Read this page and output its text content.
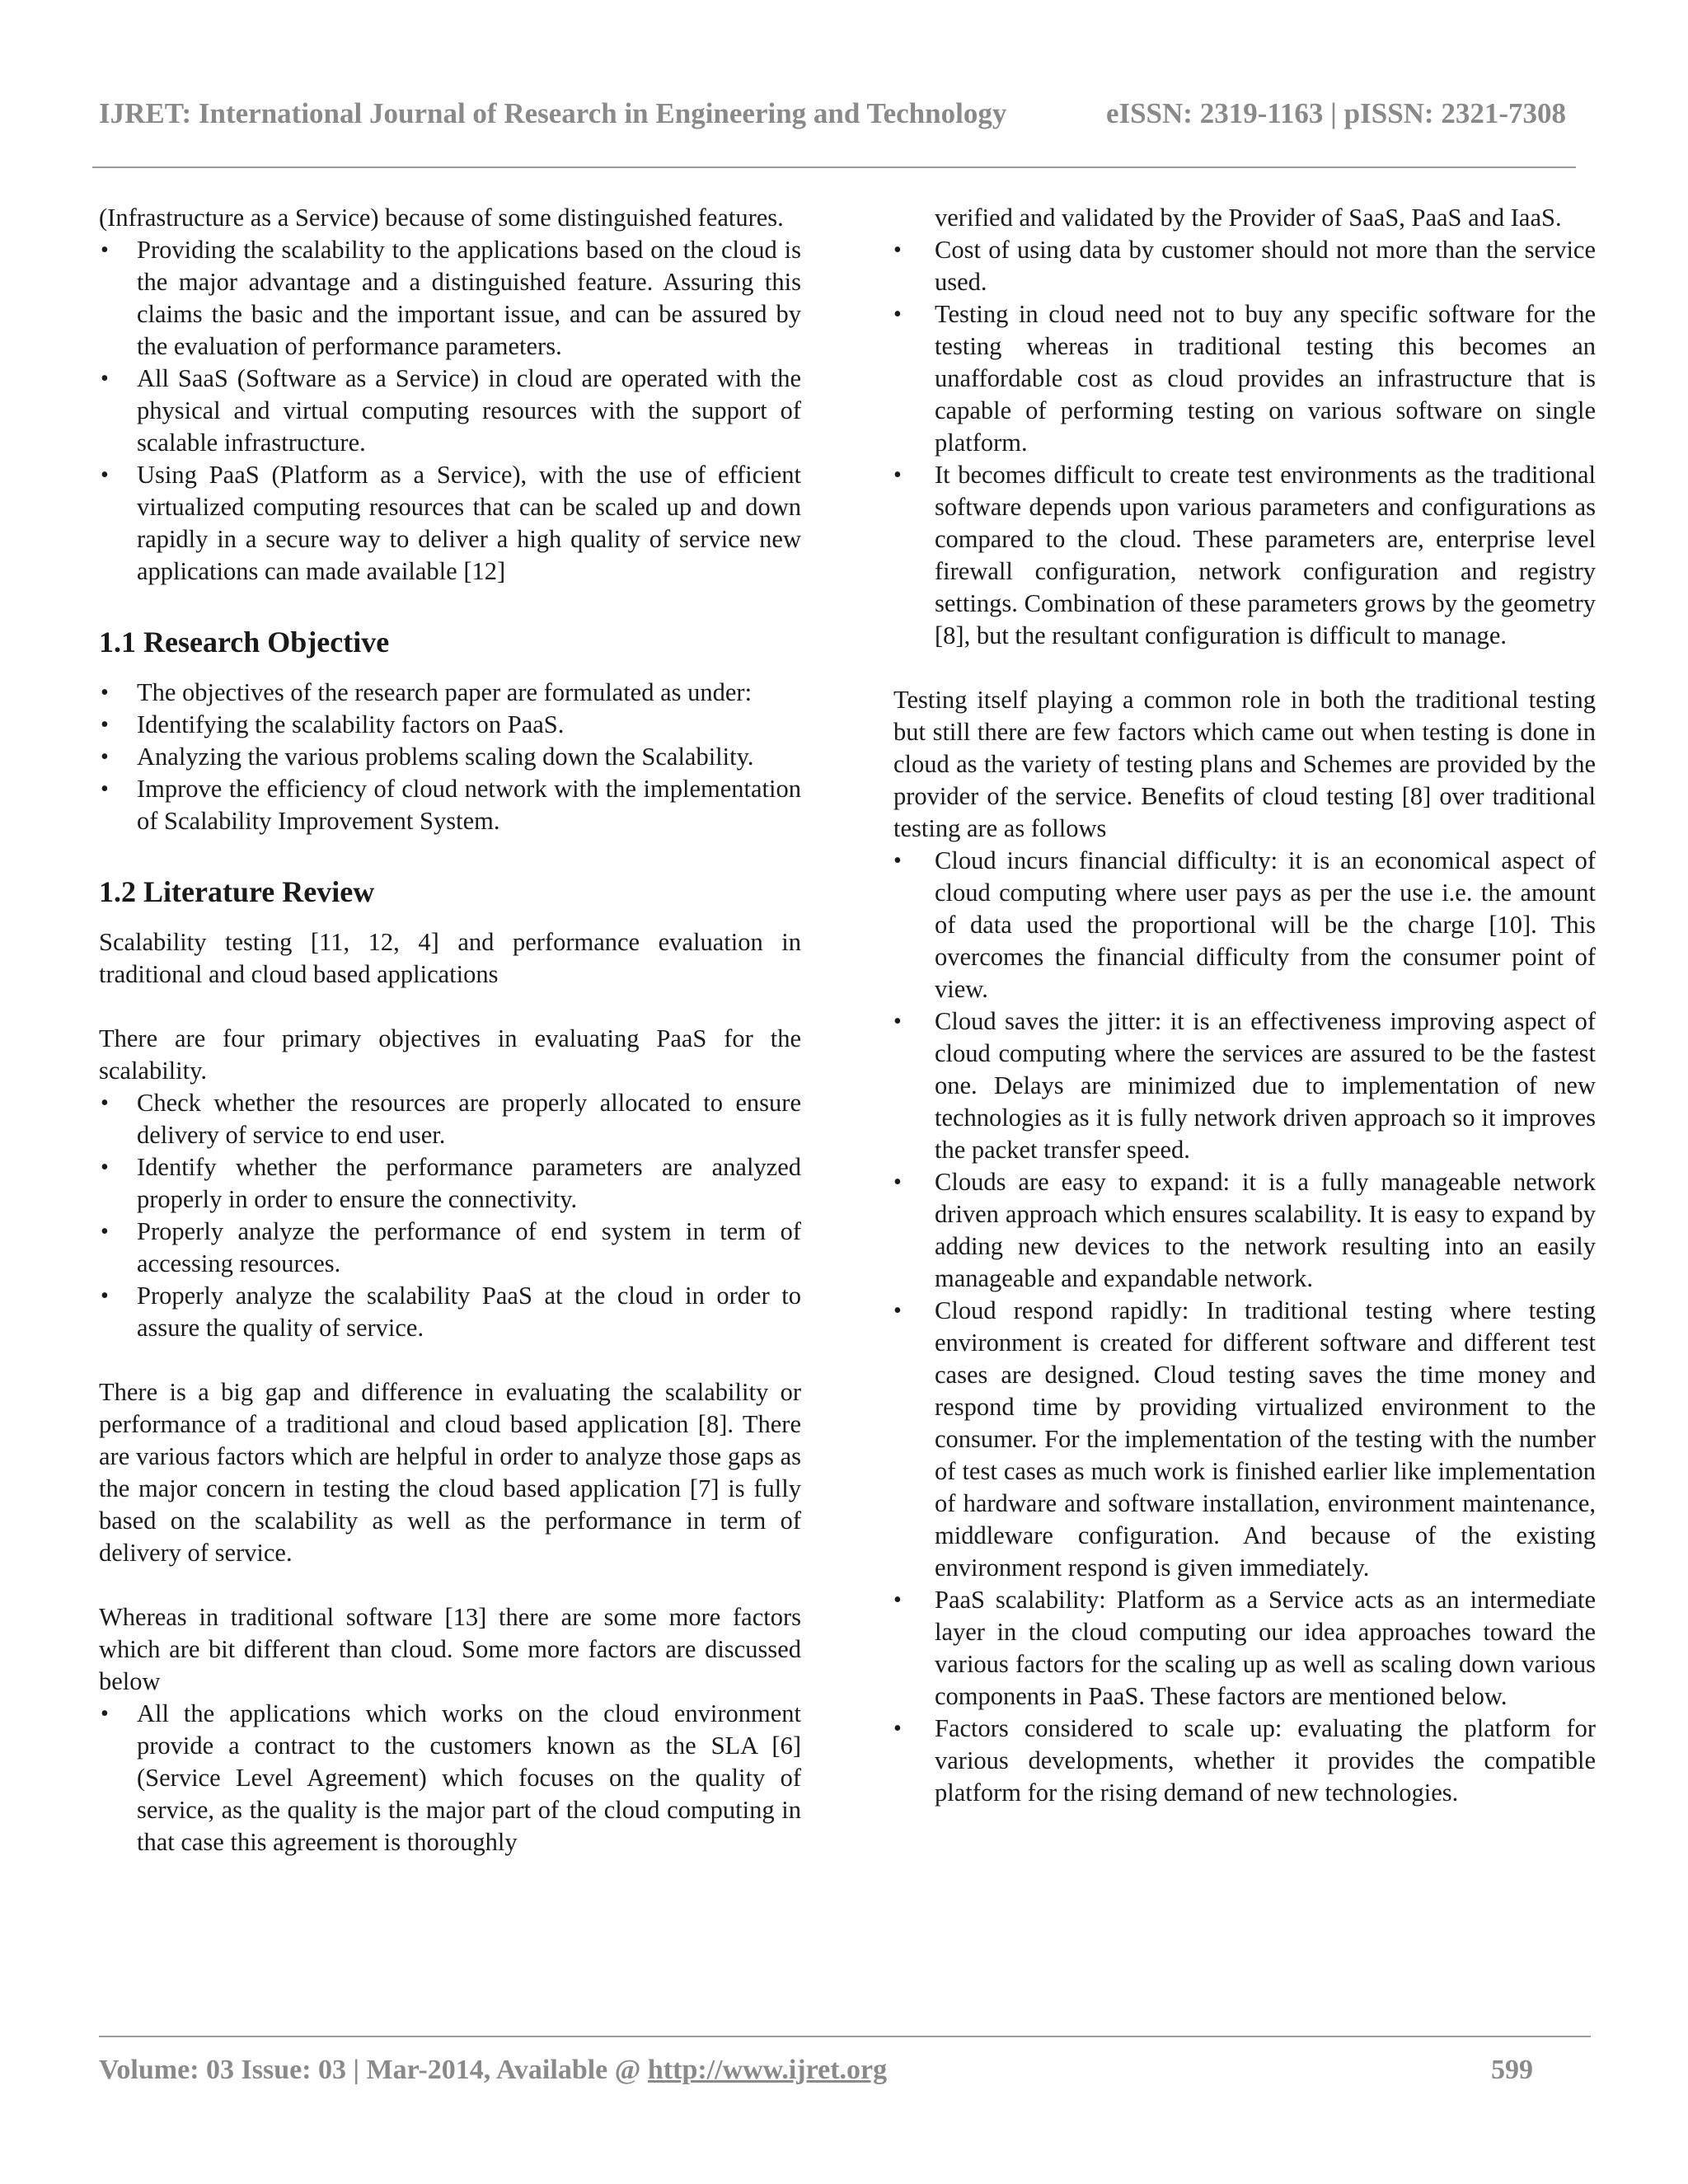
IJRET: International Journal of Research in Engineering and Technology	eISSN: 2319-1163 | pISSN: 2321-7308

(Infrastructure as a Service) because of some distinguished features.

• Providing the scalability to the applications based on the cloud is the major advantage and a distinguished feature. Assuring this claims the basic and the important issue, and can be assured by the evaluation of performance parameters.
• All SaaS (Software as a Service) in cloud are operated with the physical and virtual computing resources with the support of scalable infrastructure.
• Using PaaS (Platform as a Service), with the use of efficient virtualized computing resources that can be scaled up and down rapidly in a secure way to deliver a high quality of service new applications can made available [12]
1.1 Research Objective
• The objectives of the research paper are formulated as under:
• Identifying the scalability factors on PaaS.
• Analyzing the various problems scaling down the Scalability.
• Improve the efficiency of cloud network with the implementation of Scalability Improvement System.
1.2 Literature Review

Scalability testing [11, 12, 4] and performance evaluation in traditional and cloud based applications

There are four primary objectives in evaluating PaaS for the scalability.

• Check whether the resources are properly allocated to ensure delivery of service to end user.
• Identify whether the performance parameters are analyzed properly in order to ensure the connectivity.
• Properly analyze the performance of end system in term of accessing resources.
• Properly analyze the scalability PaaS at the cloud in order to assure the quality of service.

There is a big gap and difference in evaluating the scalability or performance of a traditional and cloud based application [8]. There are various factors which are helpful in order to analyze those gaps as the major concern in testing the cloud based application [7] is fully based on the scalability as well as the performance in term of delivery of service.

Whereas in traditional software [13] there are some more factors which are bit different than cloud. Some more factors are discussed below

• All the applications which works on the cloud environment provide a contract to the customers known as the SLA [6] (Service Level Agreement) which focuses on the quality of service, as the quality is the major part of the cloud computing in that case this agreement is thoroughly

verified and validated by the Provider of SaaS, PaaS and IaaS.

• Cost of using data by customer should not more than the service used.
• Testing in cloud need not to buy any specific software for the testing whereas in traditional testing this becomes an unaffordable cost as cloud provides an infrastructure that is capable of performing testing on various software on single platform.
• It becomes difficult to create test environments as the traditional software depends upon various parameters and configurations as compared to the cloud. These parameters are, enterprise level firewall configuration, network configuration and registry settings. Combination of these parameters grows by the geometry [8], but the resultant configuration is difficult to manage.

Testing itself playing a common role in both the traditional testing but still there are few factors which came out when testing is done in cloud as the variety of testing plans and Schemes are provided by the provider of the service. Benefits of cloud testing [8] over traditional testing are as follows

• Cloud incurs financial difficulty: it is an economical aspect of cloud computing where user pays as per the use i.e. the amount of data used the proportional will be the charge [10]. This overcomes the financial difficulty from the consumer point of view.
• Cloud saves the jitter: it is an effectiveness improving aspect of cloud computing where the services are assured to be the fastest one. Delays are minimized due to implementation of new technologies as it is fully network driven approach so it improves the packet transfer speed.
• Clouds are easy to expand: it is a fully manageable network driven approach which ensures scalability. It is easy to expand by adding new devices to the network resulting into an easily manageable and expandable network.
• Cloud respond rapidly: In traditional testing where testing environment is created for different software and different test cases are designed. Cloud testing saves the time money and respond time by providing virtualized environment to the consumer. For the implementation of the testing with the number of test cases as much work is finished earlier like implementation of hardware and software installation, environment maintenance, middleware configuration. And because of the existing environment respond is given immediately.
• PaaS scalability: Platform as a Service acts as an intermediate layer in the cloud computing our idea approaches toward the various factors for the scaling up as well as scaling down various components in PaaS. These factors are mentioned below.
• Factors considered to scale up: evaluating the platform for various developments, whether it provides the compatible platform for the rising demand of new technologies.
Volume: 03 Issue: 03 | Mar-2014, Available @ http://www.ijret.org	599
